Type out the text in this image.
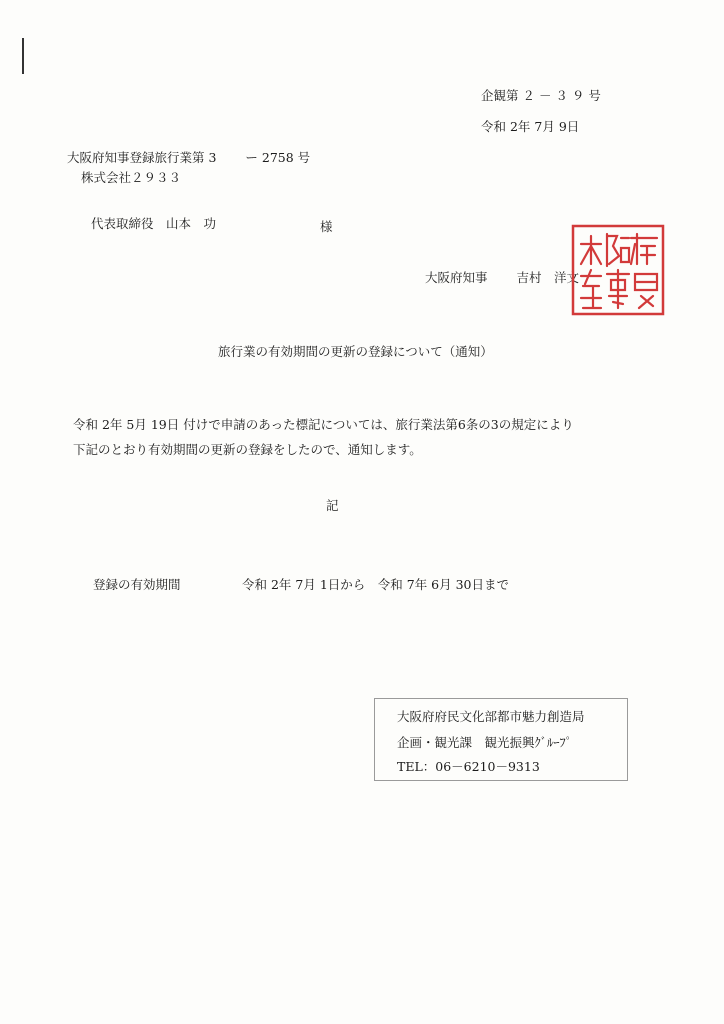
企観第 ２ － ３ ９ 号
令和 2年 7月 9日
大阪府知事登録旅行業第 3　　 ー 2758 号
株式会社２９３３
代表取締役　山本　功	様
大阪府知事　　 吉村　洋文
旅行業の有効期間の更新の登録について（通知）
令和 2年 5月 19日 付けで申請のあった標記については、旅行業法第6条の3の規定により
下記のとおり有効期間の更新の登録をしたので、通知します。
記
登録の有効期間	令和 2年 7月 1日から　令和 7年 6月 30日まで
大阪府府民文化部都市魅力創造局
企画・観光課　観光振興ｸﾞﾙｰﾌﾟ
TEL：06－6210－9313
